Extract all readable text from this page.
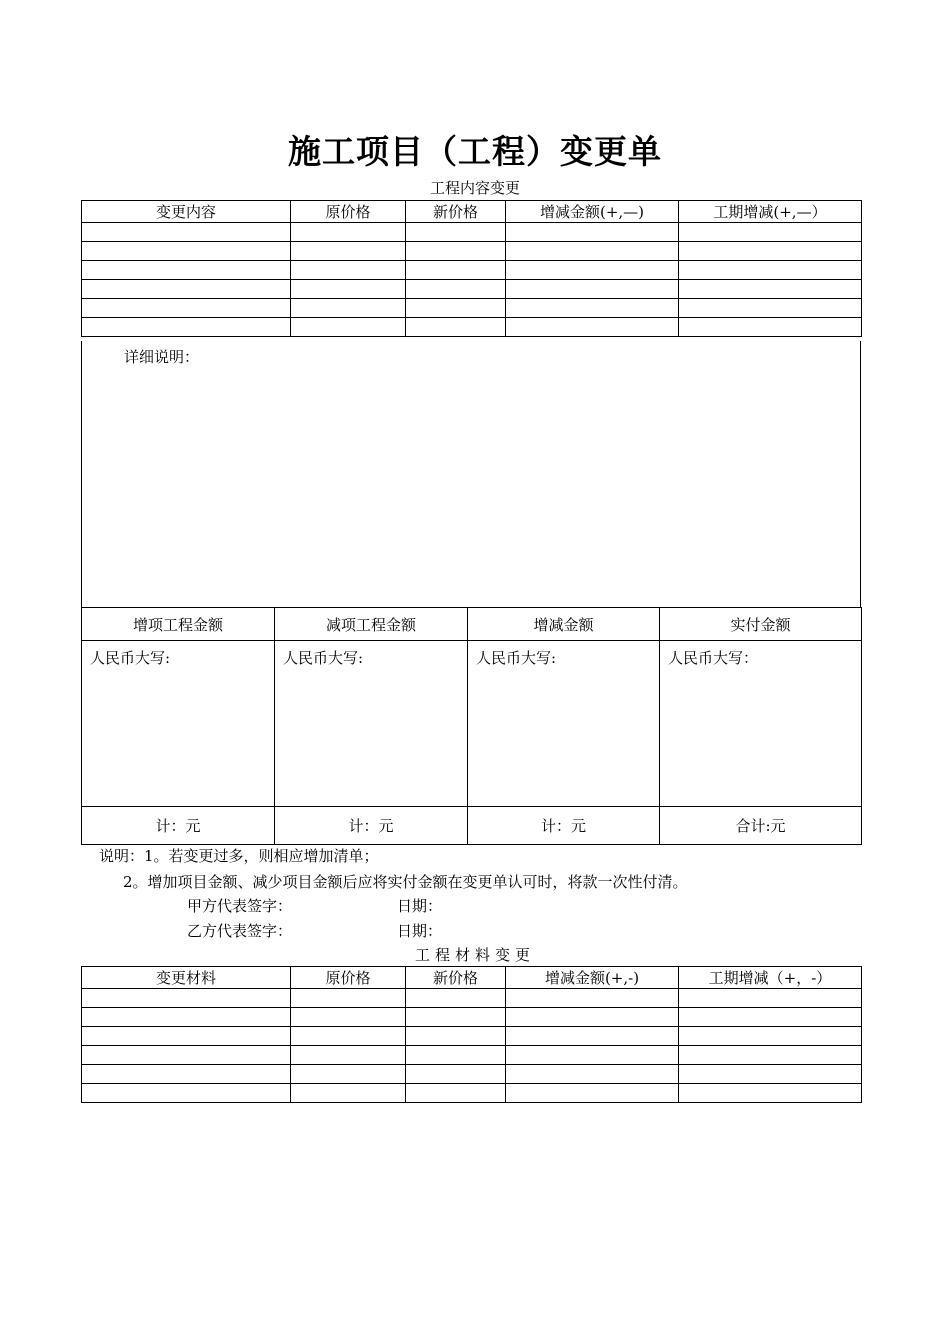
施工项目（工程）变更单
工程内容变更
变更内容	原价格	新价格	增减金额(+,—)	工期增减(+,—）

详细说明：
增项工程金额	减项工程金额	增减金额	实付金额
人民币大写:	人民币大写:	人民币大写:	人民币大写：
计：元	计：元	计：元	合计:元
说明：1。若变更过多，则相应增加清单；
2。增加项目金额、减少项目金额后应将实付金额在变更单认可时，将款一次性付清。
甲方代表签字：	日期：
乙方代表签字：	日期：
工程材料变更
变更材料	原价格	新价格	增减金额(+,-)	工期增减（+，-）
